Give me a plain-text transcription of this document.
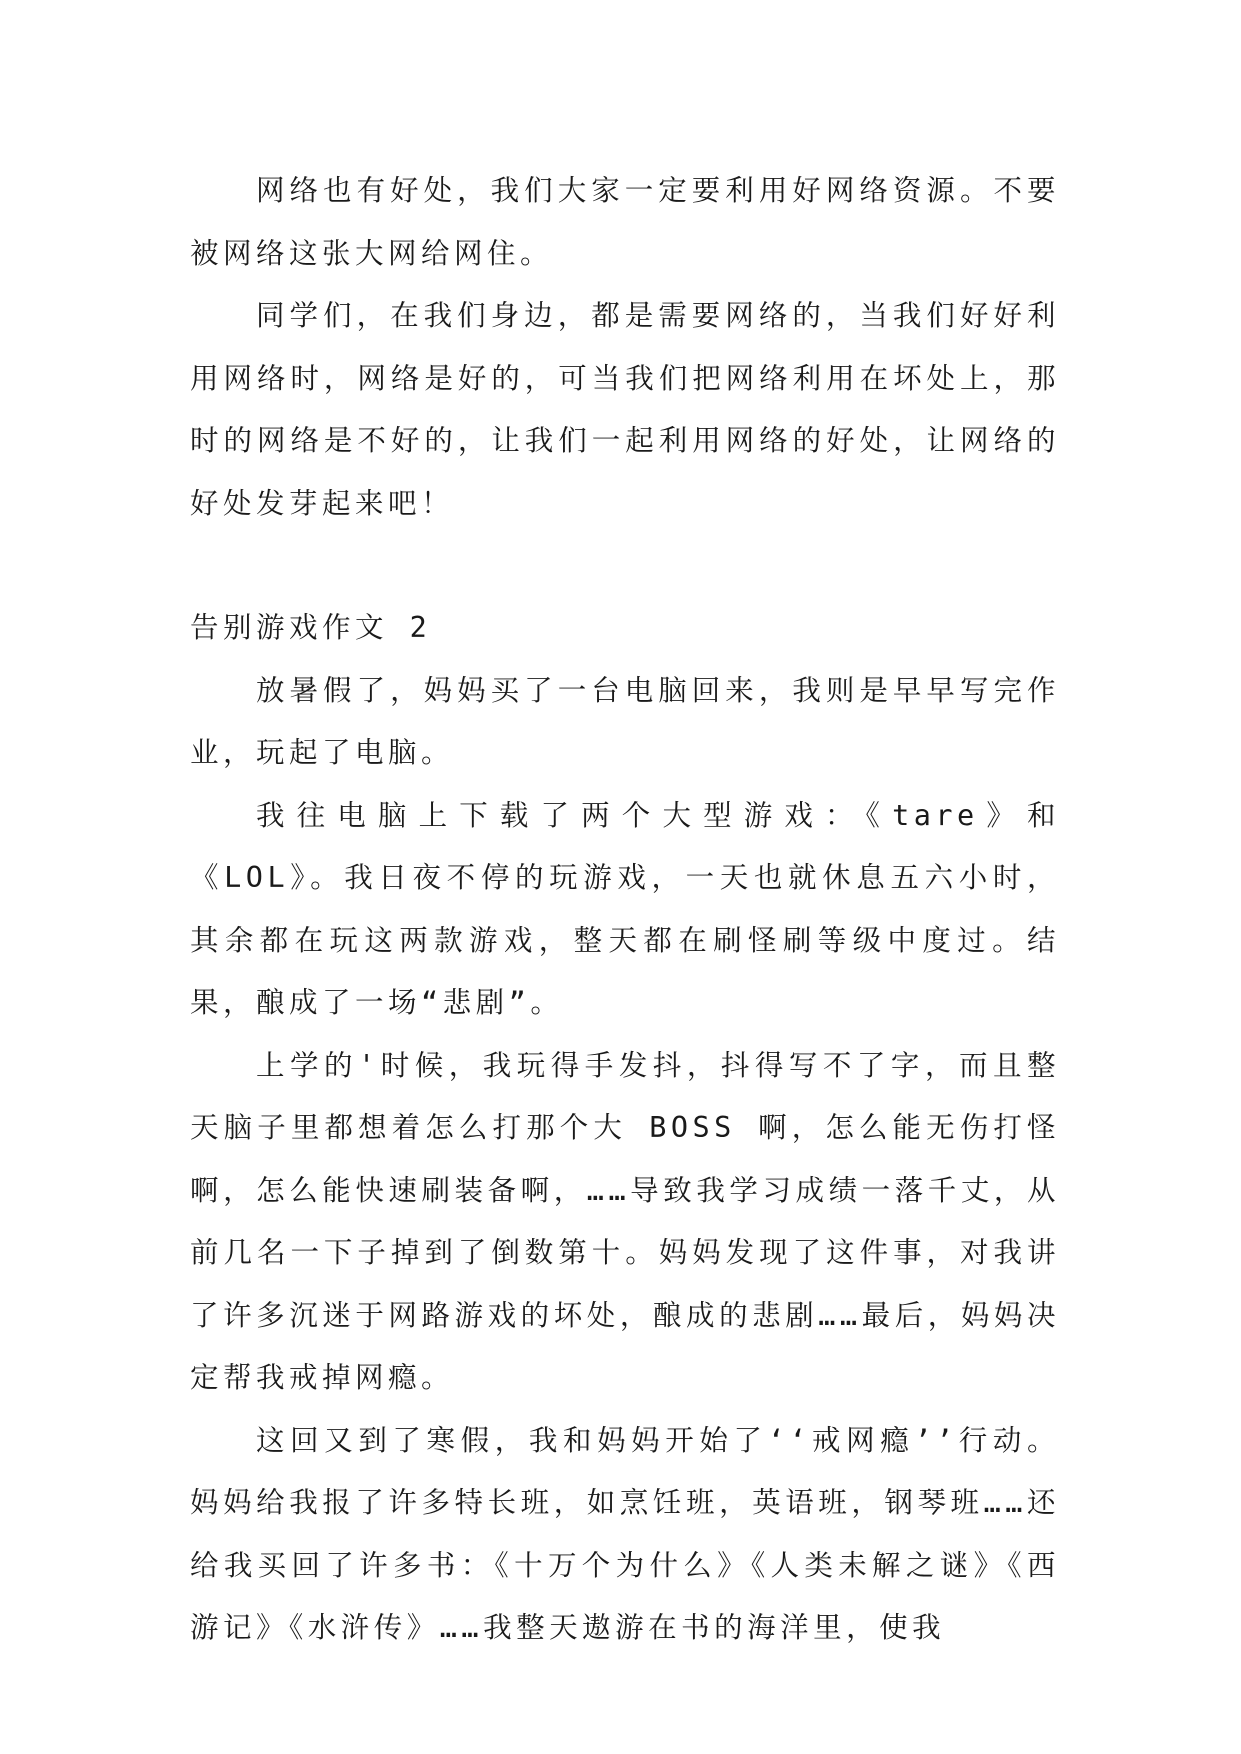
网络也有好处，我们大家一定要利用好网络资源。不要被网络这张大网给网住。

同学们，在我们身边，都是需要网络的，当我们好好利用网络时，网络是好的，可当我们把网络利用在坏处上，那时的网络是不好的，让我们一起利用网络的好处，让网络的好处发芽起来吧！

告别游戏作文 2

放暑假了，妈妈买了一台电脑回来，我则是早早写完作业，玩起了电脑。

我往电脑上下载了两个大型游戏：《tare》和《LOL》。我日夜不停的玩游戏，一天也就休息五六小时，其余都在玩这两款游戏，整天都在刷怪刷等级中度过。结果，酿成了一场“悲剧”。

上学的'时候，我玩得手发抖，抖得写不了字，而且整天脑子里都想着怎么打那个大 BOSS 啊，怎么能无伤打怪啊，怎么能快速刷装备啊，……导致我学习成绩一落千丈，从前几名一下子掉到了倒数第十。妈妈发现了这件事，对我讲了许多沉迷于网路游戏的坏处，酿成的悲剧……最后，妈妈决定帮我戒掉网瘾。

这回又到了寒假，我和妈妈开始了‘‘戒网瘾’’行动。妈妈给我报了许多特长班，如烹饪班，英语班，钢琴班……还给我买回了许多书：《十万个为什么》《人类未解之谜》《西游记》《水浒传》……我整天遨游在书的海洋里，使我
